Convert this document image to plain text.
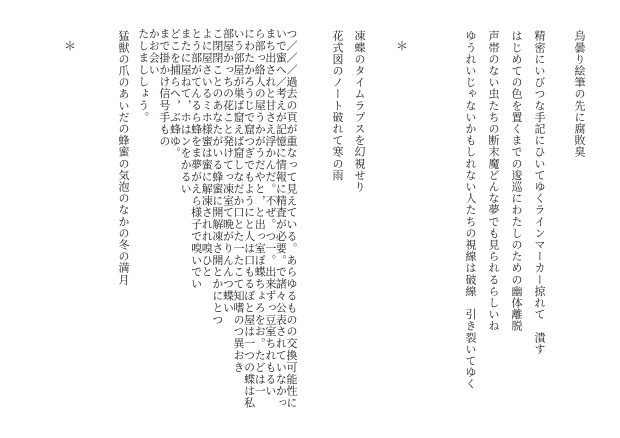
烏曇り絵筆の先に腐敗臭
精密にいびつな手記にひいてゆくラインマーカー掠れて　潰す
はじめての色を置くまでの逡巡にわたしのための幽体離脱
声帯のない虫たちの断末魔どんな夢でも見られるらしいね
ゆうれいじゃないかもしれない人たちの視線は破線　引き裂いてゆく
＊
凍蝶のタイムラプスを幻視せり
花式図のノート破れて寒の雨
つ／／／過去の頁が重なって見えている。あらゆるものの交換可能性に
いで蜜へ／考えが記憶に情報に精査が必要。で諸々公表されていなかっ
まち出されと甘さえ浮かんだ。不ぜ。つ一。出来ずっ豆室ちれもるい
ら部っ絡人の屋うかがうだやと，と出っ室ぽ蝶ちょろをお。たどは一
にわたかろうじで窟つぎでもようにと人は口もるぼと屋は一つの蝶は私
いう部屋が巣ば窟えば窟しなだか口とた一たこて知嗜のつ異おき
部屋かっちの花こと発けてっ凍室て晩がりんんつ蝶い
こ閉閉ことのあなたがいる蜂蜜に開解凍さ開とかにとつ
よに屋さいるミホ様蜜は蜜に解凍されれ嗅ひと
とう部がてんるら蜂をま夢がえら様子で嗅いでい
またに屋ねて，ホはンをかるい
どこを捕らへ，ぶ蜂ゆ。
まで掛かけ信号手もの
かお会い
たしまししょう。
＊	猛獣の爪のあいだの蜂蜜の気泡のなかの冬の満月
